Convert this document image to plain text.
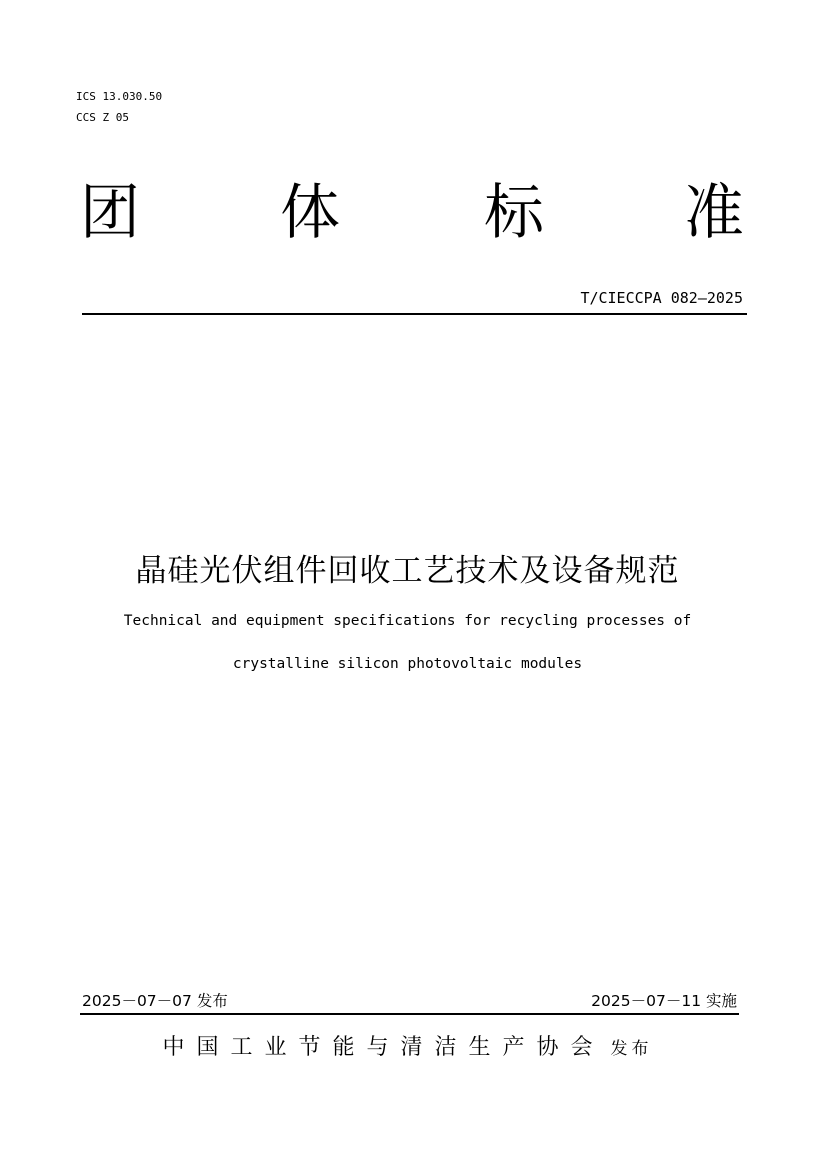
ICS 13.030.50
CCS Z 05
团 体 标 准
T/CIECCPA 082—2025
晶硅光伏组件回收工艺技术及设备规范
Technical and equipment specifications for recycling processes of
crystalline silicon photovoltaic modules
2025－07－07 发布	2025－07－11 实施
中国工业节能与清洁生产协会 发布
